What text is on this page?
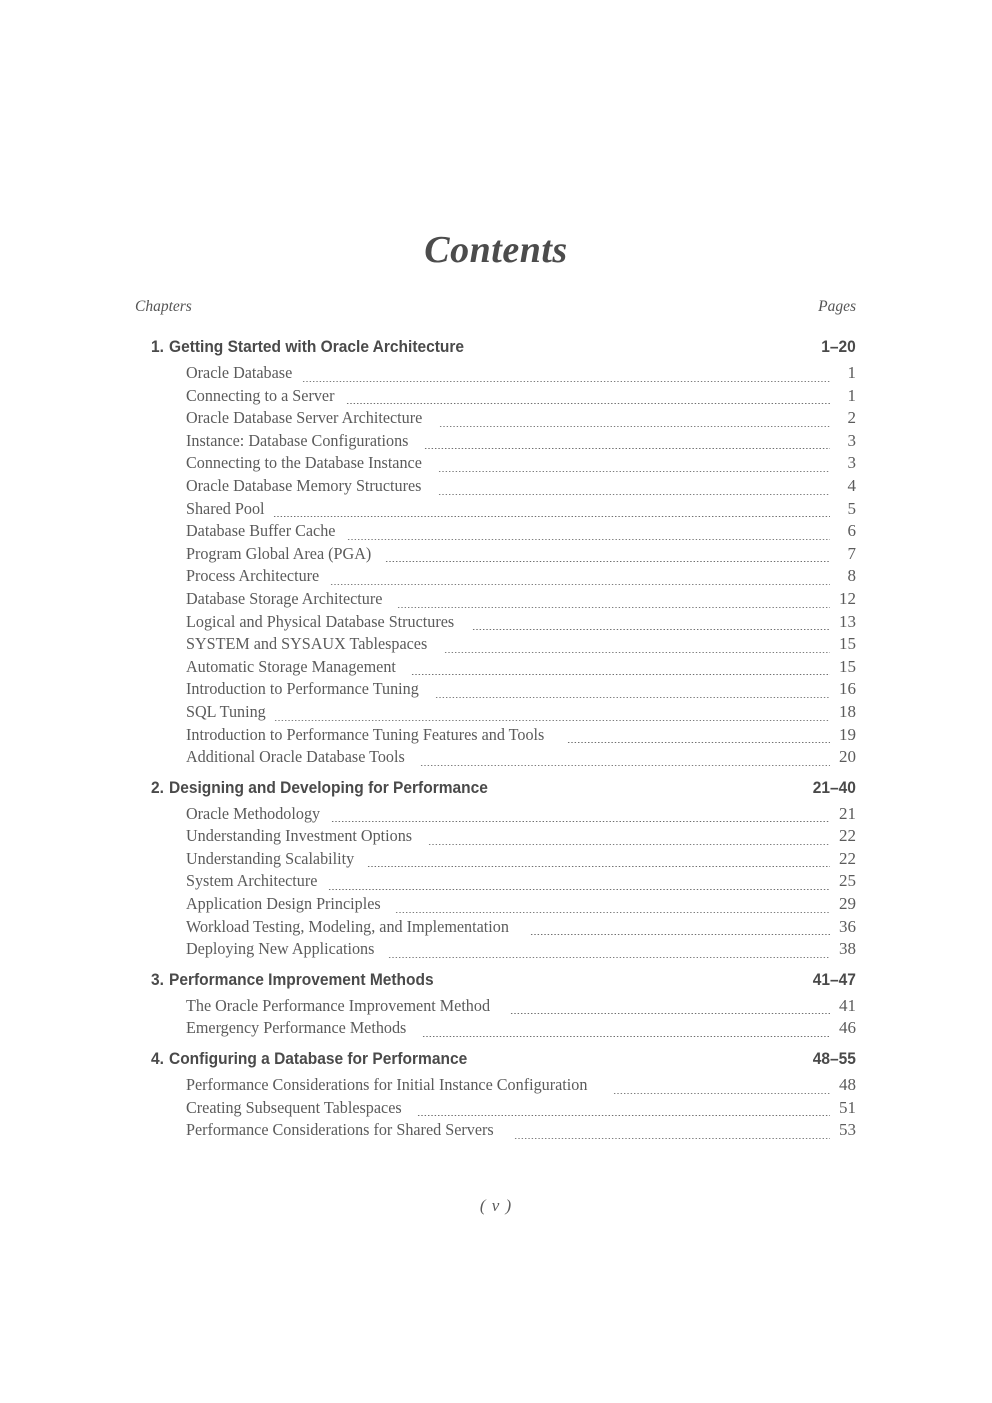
Contents
Chapters	Pages
1. Getting Started with Oracle Architecture	1–20
Oracle Database	1
Connecting to a Server	1
Oracle Database Server Architecture	2
Instance: Database Configurations	3
Connecting to the Database Instance	3
Oracle Database Memory Structures	4
Shared Pool	5
Database Buffer Cache	6
Program Global Area (PGA)	7
Process Architecture	8
Database Storage Architecture	12
Logical and Physical Database Structures	13
SYSTEM and SYSAUX Tablespaces	15
Automatic Storage Management	15
Introduction to Performance Tuning	16
SQL Tuning	18
Introduction to Performance Tuning Features and Tools	19
Additional Oracle Database Tools	20
2. Designing and Developing for Performance	21–40
Oracle Methodology	21
Understanding Investment Options	22
Understanding Scalability	22
System Architecture	25
Application Design Principles	29
Workload Testing, Modeling, and Implementation	36
Deploying New Applications	38
3. Performance Improvement Methods	41–47
The Oracle Performance Improvement Method	41
Emergency Performance Methods	46
4. Configuring a Database for Performance	48–55
Performance Considerations for Initial Instance Configuration	48
Creating Subsequent Tablespaces	51
Performance Considerations for Shared Servers	53
( v )
